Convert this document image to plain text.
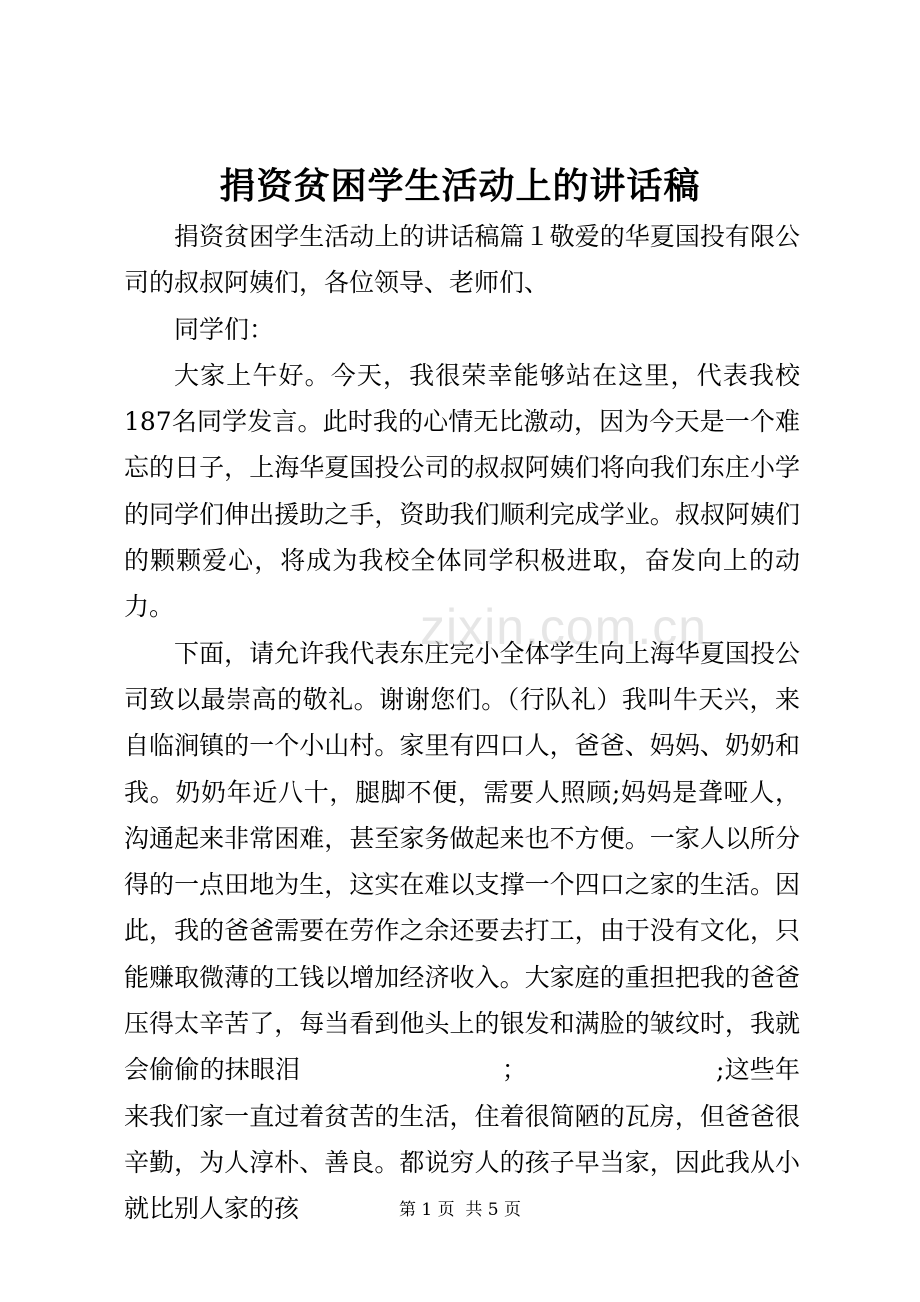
捐资贫困学生活动上的讲话稿

捐资贫困学生活动上的讲话稿篇１敬爱的华夏国投有限公司的叔叔阿姨们，各位领导、老师们、

同学们：

大家上午好。今天，我很荣幸能够站在这里，代表我校187名同学发言。此时我的心情无比激动，因为今天是一个难忘的日子，上海华夏国投公司的叔叔阿姨们将向我们东庄小学的同学们伸出援助之手，资助我们顺利完成学业。叔叔阿姨们的颗颗爱心，将成为我校全体同学积极进取，奋发向上的动力。

下面，请允许我代表东庄完小全体学生向上海华夏国投公司致以最崇高的敬礼。谢谢您们。（行队礼）我叫牛天兴，来自临涧镇的一个小山村。家里有四口人，爸爸、妈妈、奶奶和我。奶奶年近八十，腿脚不便，需要人照顾;妈妈是聋哑人，沟通起来非常困难，甚至家务做起来也不方便。一家人以所分得的一点田地为生，这实在难以支撑一个四口之家的生活。因此，我的爸爸需要在劳作之余还要去打工，由于没有文化，只能赚取微薄的工钱以增加经济收入。大家庭的重担把我的爸爸压得太辛苦了，每当看到他头上的银发和满脸的皱纹时，我就会偷偷的抹眼泪　　　　　　　　；　　　　　　　　;这些年来我们家一直过着贫苦的生活，住着很简陋的瓦房，但爸爸很辛勤，为人淳朴、善良。都说穷人的孩子早当家，因此我从小就比别人家的孩

zixin.com.cn
第 1 页 共 5 页
